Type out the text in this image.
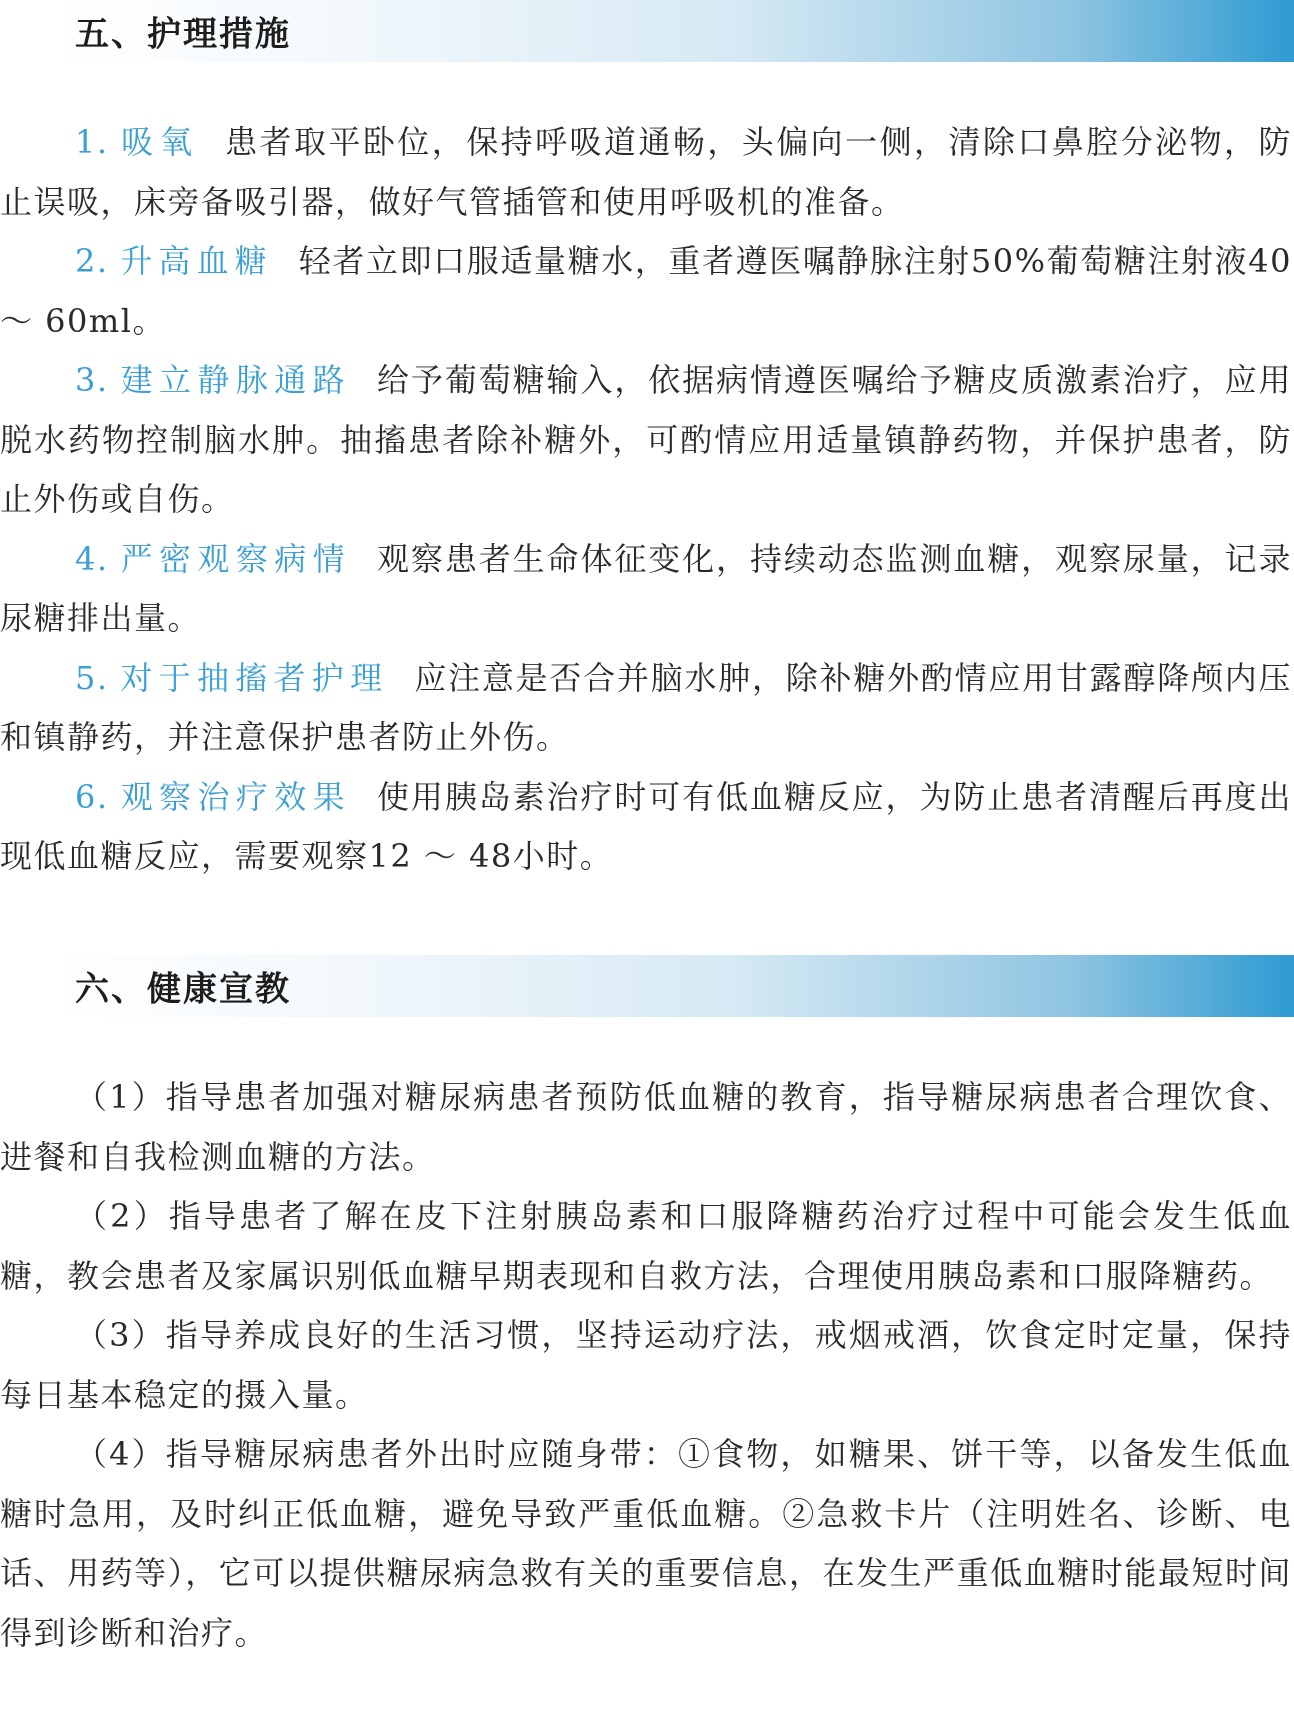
五、护理措施

1. 吸氧 患者取平卧位，保持呼吸道通畅，头偏向一侧，清除口鼻腔分泌物，防止误吸，床旁备吸引器，做好气管插管和使用呼吸机的准备。

2. 升高血糖 轻者立即口服适量糖水，重者遵医嘱静脉注射50%葡萄糖注射液40 ～ 60ml。

3. 建立静脉通路 给予葡萄糖输入，依据病情遵医嘱给予糖皮质激素治疗，应用脱水药物控制脑水肿。抽搐患者除补糖外，可酌情应用适量镇静药物，并保护患者，防止外伤或自伤。

4. 严密观察病情 观察患者生命体征变化，持续动态监测血糖，观察尿量，记录尿糖排出量。

5. 对于抽搐者护理 应注意是否合并脑水肿，除补糖外酌情应用甘露醇降颅内压和镇静药，并注意保护患者防止外伤。

6. 观察治疗效果 使用胰岛素治疗时可有低血糖反应，为防止患者清醒后再度出现低血糖反应，需要观察12 ～ 48小时。

六、健康宣教

（1）指导患者加强对糖尿病患者预防低血糖的教育，指导糖尿病患者合理饮食、进餐和自我检测血糖的方法。

（2）指导患者了解在皮下注射胰岛素和口服降糖药治疗过程中可能会发生低血糖，教会患者及家属识别低血糖早期表现和自救方法，合理使用胰岛素和口服降糖药。

（3）指导养成良好的生活习惯，坚持运动疗法，戒烟戒酒，饮食定时定量，保持每日基本稳定的摄入量。

（4）指导糖尿病患者外出时应随身带：①食物，如糖果、饼干等，以备发生低血糖时急用，及时纠正低血糖，避免导致严重低血糖。②急救卡片（注明姓名、诊断、电话、用药等），它可以提供糖尿病急救有关的重要信息，在发生严重低血糖时能最短时间得到诊断和治疗。
